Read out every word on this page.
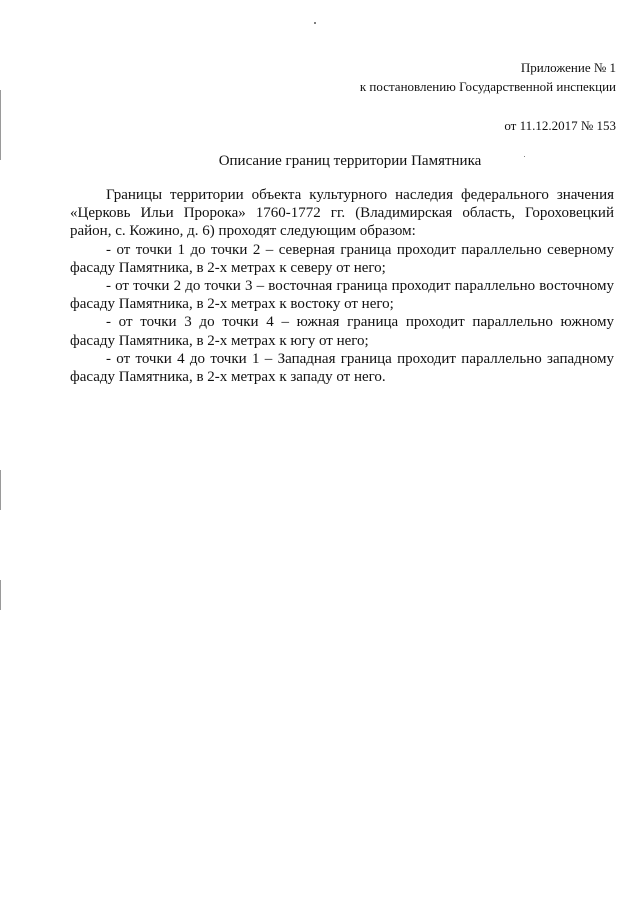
Приложение № 1
к постановлению Государственной инспекции
от 11.12.2017 № 153
Описание границ территории Памятника

Границы территории объекта культурного наследия федерального значения «Церковь Ильи Пророка» 1760-1772 гг. (Владимирская область, Гороховецкий район, с. Кожино, д. 6) проходят следующим образом:

- от точки 1 до точки 2 – северная граница проходит параллельно северному фасаду Памятника, в 2-х метрах к северу от него;

- от точки 2 до точки 3 – восточная граница проходит параллельно восточному фасаду Памятника, в 2-х метрах к востоку от него;

- от точки 3 до точки 4 – южная граница проходит параллельно южному фасаду Памятника, в 2-х метрах к югу от него;

- от точки 4 до точки 1 – Западная граница проходит параллельно западному фасаду Памятника, в 2-х метрах к западу от него.
